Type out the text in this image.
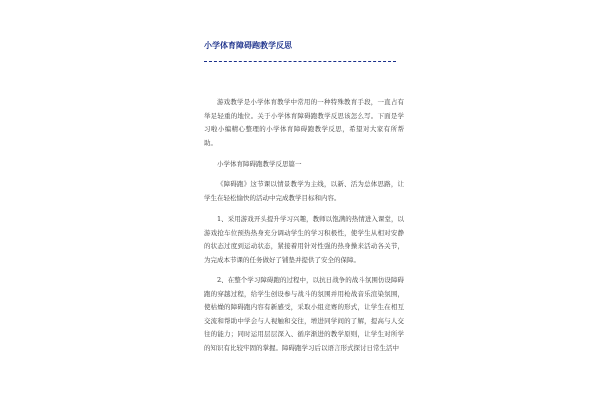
小学体育障碍跑教学反思

游戏教学是小学体育教学中常用的一种特殊教育手段，一直占有举足轻重的地位。关于小学体育障碍跑教学反思该怎么写。下面是学习啦小编精心整理的小学体育障碍跑教学反思，希望对大家有所帮助。

小学体育障碍跑教学反思篇一

《障碍跑》这节课以情景教学为主线，以新、活为总体思路，让学生在轻松愉快的活动中完成教学目标和内容。

1、采用游戏开头提升学习兴趣，教师以饱满的热情进入课堂，以游戏抢车位预热热身充分调动学生的学习积极性，使学生从相对安静的状态过度到运动状态，紧接着用针对性强的热身操来活动各关节，为完成本节课的任务做好了铺垫并提供了安全的保障。

2、在整个学习障碍跑的过程中，以抗日战争的战斗氛围仿设障碍跑的穿越过程，给学生创设参与战斗的氛围并用枪战音乐渲染氛围，使枯燥的障碍跑内容有新感受，采取小组竞赛的形式，让学生在相互交流和帮助中学会与人视触和交往，增进同学间的了解，提高与人交往的能力；同时运用层层深入、循序渐进的教学原则，让学生对所学的知识有比较牢固的掌握。障碍跑学习后以语言形式探讨日常生活中
